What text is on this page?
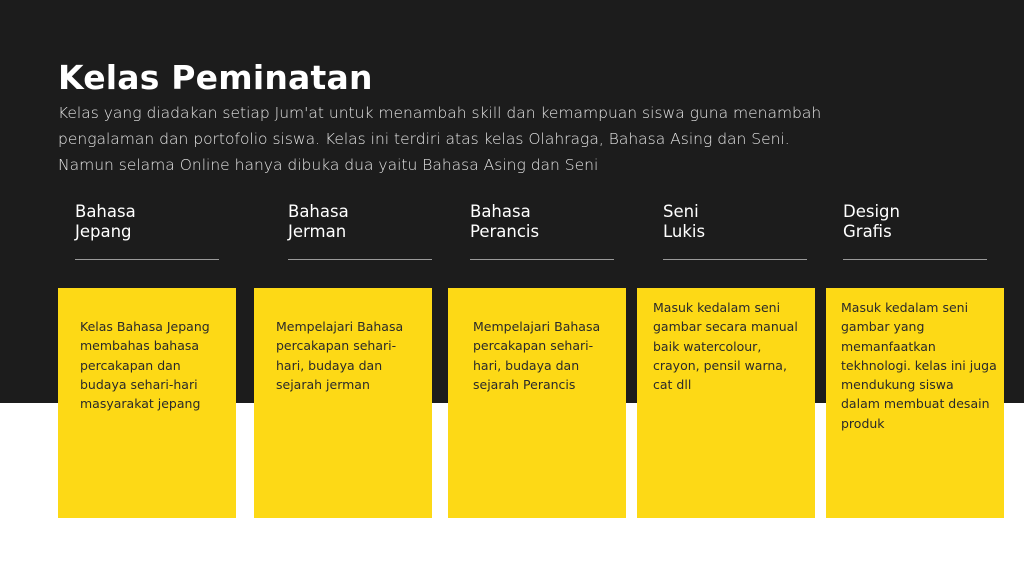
Kelas Peminatan
Kelas yang diadakan setiap Jum'at untuk menambah skill dan kemampuan siswa guna menambah
pengalaman dan portofolio siswa. Kelas ini terdiri atas kelas Olahraga, Bahasa Asing dan Seni.
Namun selama Online hanya dibuka dua yaitu Bahasa Asing dan Seni
Bahasa
Jepang
Bahasa
Jerman
Bahasa
Perancis
Seni
Lukis
Design
Grafis
Kelas Bahasa Jepang
membahas bahasa
percakapan dan
budaya sehari-hari
masyarakat jepang
Mempelajari Bahasa
percakapan sehari-
hari, budaya dan
sejarah jerman
Mempelajari Bahasa
percakapan sehari-
hari, budaya dan
sejarah Perancis
Masuk kedalam seni
gambar secara manual
baik watercolour,
crayon, pensil warna,
cat dll
Masuk kedalam seni
gambar yang
memanfaatkan
tekhnologi. kelas ini juga
mendukung siswa
dalam membuat desain
produk
